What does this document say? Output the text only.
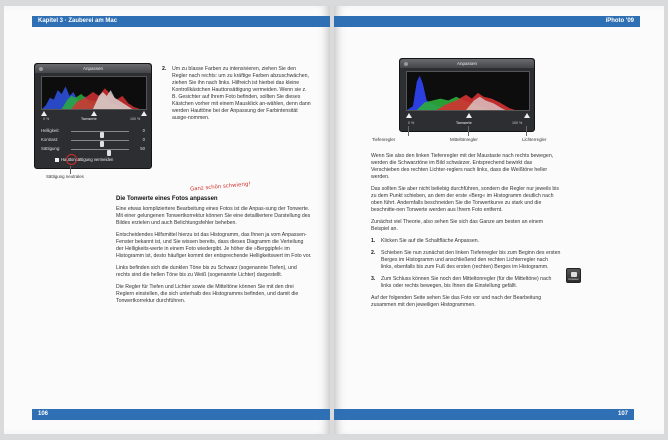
Kapitel 3 · Zauberei am Mac
Anpassen
0 %	Tonwerte	100 %
Helligkeit:	0
Kontrast:	0
Sättigung:	50
Hauttonsättigung vermeiden
Sättigung neutrales
2. Um zu blasse Farben zu intensivieren, ziehen Sie den Regler nach rechts: um zu kräftige Farben abzuschwächen, ziehen Sie ihn nach links. Hilfreich ist hierbei das kleine Kontrollkästchen Hauttonsättigung vermeiden. Wenn sie z. B. Gesichter auf Ihrem Foto befinden, sollten Sie dieses Kästchen vorher mit einem Mausklick an-wählen, denn dann werden Hauttöne bei der Anpassung der Farbintensität ausge-nommen.
Ganz schön schwierig!
Die Tonwerte eines Fotos anpassen

Eine etwas kompliziertere Bearbeitung eines Fotos ist die Anpas-sung der Tonwerte. Mit einer gelungenen Tonwertkorrektur können Sie eine detailliertere Darstellung des Bildes erzielen und auch Belichtungsfehler beheben.

Entscheidendes Hilfsmittel hierzu ist das Histogramm, das Ihnen ja vom Anpassen-Fenster bekannt ist, und Sie wissen bereits, dass dieses Diagramm die Verteilung der Helligkeits-werte in einem Foto wiedergibt. Je höher die »Berggipfel« im Histogramm ist, desto häufiger kommt der entsprechende Helligkeitswert im Foto vor.

Links befinden sich die dunklen Töne bis zu Schwarz (sogenannte Tiefen), und rechts sind die hellen Töne bis zu Weiß (sogenannte Lichter) dargestellt.

Die Regler für Tiefen und Lichter sowie die Mitteltöne können Sie mit den drei Reglern einstellen, die sich unterhalb des Histogramms befinden, und damit die Tonwertkorrektur durchführen.

106
iPhoto '09
Anpassen
0 %	Tonwerte	100 %
Tiefenregler	Mitteltönregler	Lichterregler

Wenn Sie also den linken Tiefenregler mit der Maustaste nach rechts bewegen, werden die Schwarztöne im Bild schwärzer. Entsprechend bewirkt das Verschieben des rechten Lichter-reglers nach links, dass die Weißtöne heller werden.

Das sollten Sie aber nicht beliebig durchführen, sondern die Regler nur jeweils bis zu dem Punkt schieben, an dem der erste »Berg« im Histogramm deutlich nach oben führt. Andernfalls beschneiden Sie die Tonwertkurve zu stark und die beschnitte-nen Tonwerte werden aus Ihrem Foto entfernt.

Zunächst viel Theorie, also sehen Sie sich das Ganze am besten an einem Beispiel an.

1. Klicken Sie auf die Schaltfläche Anpassen.
2. Schieben Sie nun zunächst den linken Tiefenregler bis zum Beginn des ersten Berges im Histogramm und anschließend den rechten Lichterregler nach links, ebenfalls bis zum Fuß des ersten (rechten) Berges im Histogramm.
3. Zum Schluss können Sie noch den Mitteltonregler (für die Mitteltöne) nach links oder rechts bewegen, bis Ihnen die Einstellung gefällt.

Auf der folgenden Seite sehen Sie das Foto vor und nach der Bearbeitung zusammen mit den jeweiligen Histogrammen.

Anpassen
107
